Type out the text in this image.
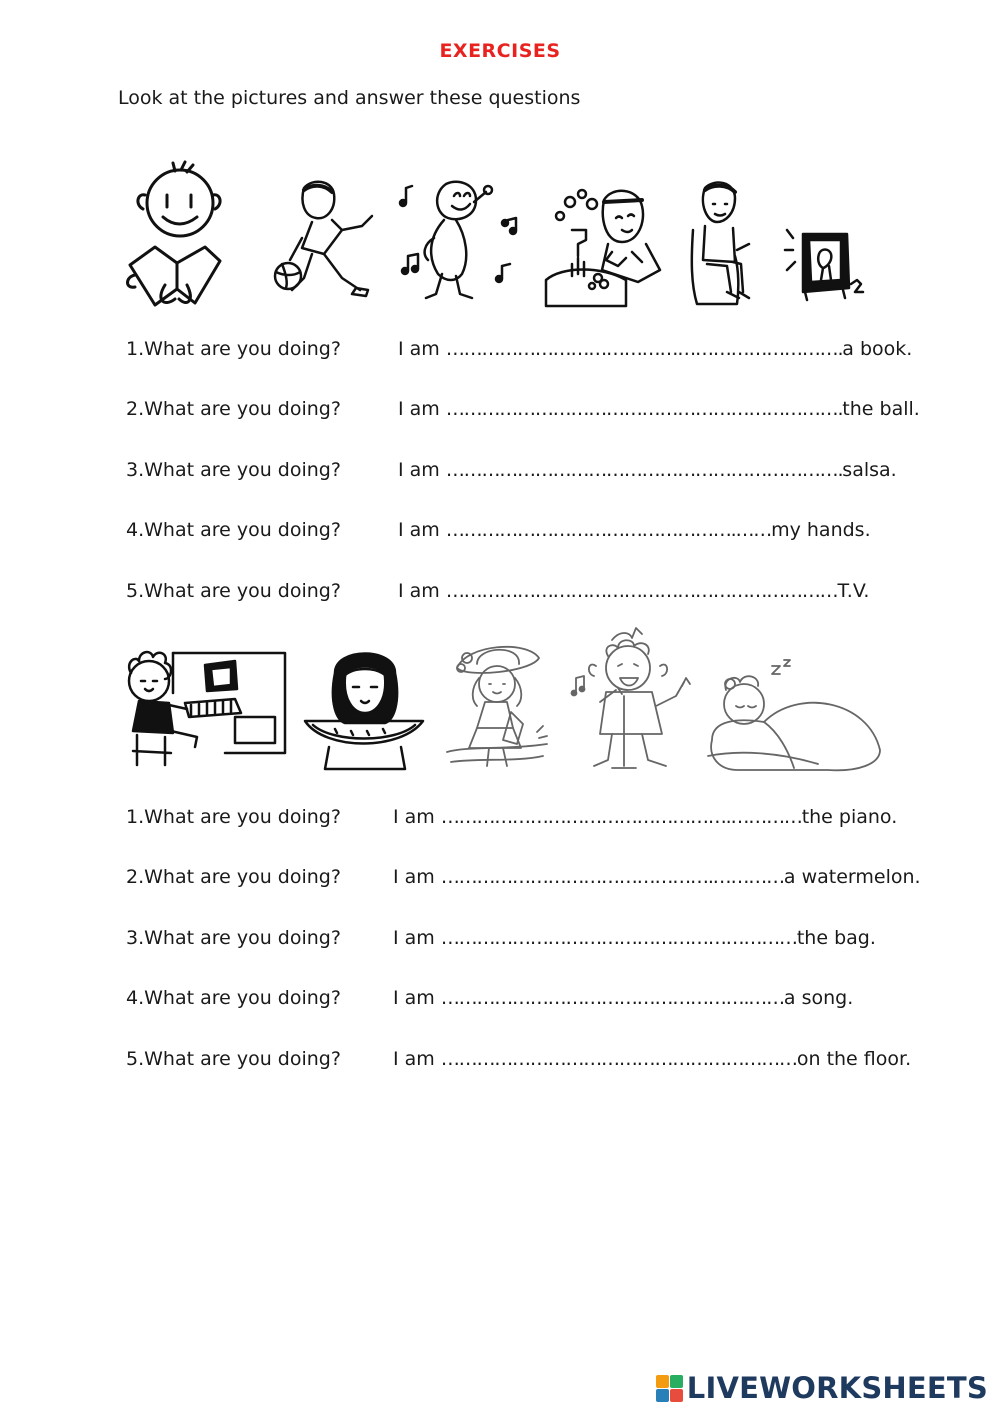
EXERCISES
Look at the pictures and answer these questions
1.What are you doing?	I am ………………………………………………………….a book.
2.What are you doing?	I am ………………………………………………………….the ball.
3.What are you doing?	I am ………………………………………………………….salsa.
4.What are you doing?	I am ………………………………………….……my hands.
5.What are you doing?	I am …………………………………………………………T.V.
1.What are you doing?	I am ………………………………………….…………the piano.
2.What are you doing?	I am ……………………………………….…………a watermelon.
3.What are you doing?	I am ……………………………………………………the bag.
4.What are you doing?	I am …………………………………………….……a song.
5.What are you doing?	I am ……………………………………………………on the floor.
LIVEWORKSHEETS
